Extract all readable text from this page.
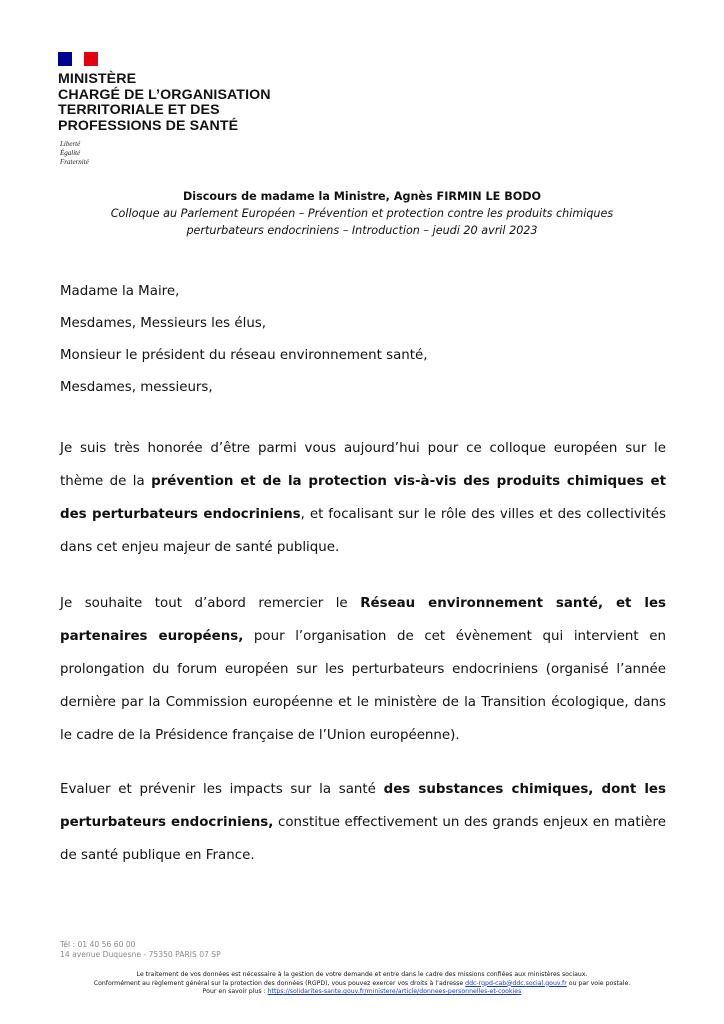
MINISTÈRE
CHARGÉ DE L’ORGANISATION
TERRITORIALE ET DES
PROFESSIONS DE SANTÉ
Liberté
Égalité
Fraternité
Discours de madame la Ministre, Agnès FIRMIN LE BODO
Colloque au Parlement Européen – Prévention et protection contre les produits chimiques
perturbateurs endocriniens – Introduction – jeudi 20 avril 2023
Madame la Maire,
Mesdames, Messieurs les élus,
Monsieur le président du réseau environnement santé,
Mesdames, messieurs,
Je suis très honorée d’être parmi vous aujourd’hui pour ce colloque européen sur le thème de la prévention et de la protection vis-à-vis des produits chimiques et des perturbateurs endocriniens, et focalisant sur le rôle des villes et des collectivités dans cet enjeu majeur de santé publique.
Je souhaite tout d’abord remercier le Réseau environnement santé, et les partenaires européens, pour l’organisation de cet évènement qui intervient en prolongation du forum européen sur les perturbateurs endocriniens (organisé l’année dernière par la Commission européenne et le ministère de la Transition écologique, dans le cadre de la Présidence française de l’Union européenne).
Evaluer et prévenir les impacts sur la santé des substances chimiques, dont les perturbateurs endocriniens, constitue effectivement un des grands enjeux en matière de santé publique en France.
Tél : 01 40 56 60 00
14 avenue Duquesne - 75350 PARIS 07 SP
Le traitement de vos données est nécessaire à la gestion de votre demande et entre dans le cadre des missions confiées aux ministères sociaux.
Conformément au règlement général sur la protection des données (RGPD), vous pouvez exercer vos droits à l’adresse ddc-rgpd-cab@ddc.social.gouv.fr ou par voie postale.
Pour en savoir plus : https://solidarites-sante.gouv.fr/ministere/article/donnees-personnelles-et-cookies
